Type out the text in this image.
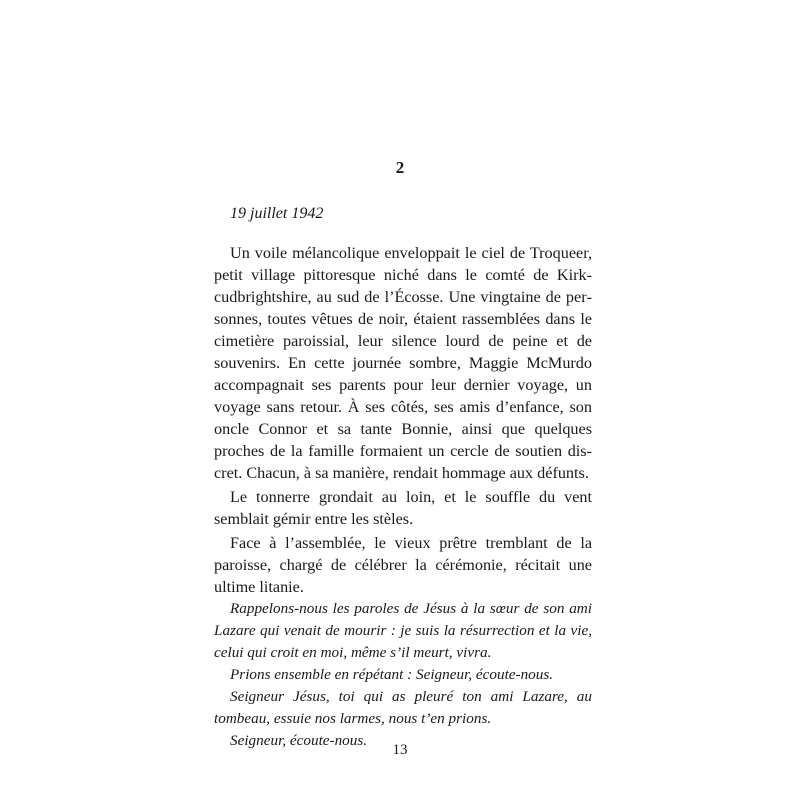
2
19 juillet 1942

Un voile mélancolique enveloppait le ciel de Troqueer, petit village pittoresque niché dans le comté de Kirkcudbrightshire, au sud de l’Écosse. Une vingtaine de personnes, toutes vêtues de noir, étaient rassemblées dans le cimetière paroissial, leur silence lourd de peine et de souvenirs. En cette journée sombre, Maggie McMurdo accompagnait ses parents pour leur dernier voyage, un voyage sans retour. À ses côtés, ses amis d’enfance, son oncle Connor et sa tante Bonnie, ainsi que quelques proches de la famille formaient un cercle de soutien discret. Chacun, à sa manière, rendait hommage aux défunts.

Le tonnerre grondait au loin, et le souffle du vent semblait gémir entre les stèles.

Face à l’assemblée, le vieux prêtre tremblant de la paroisse, chargé de célébrer la cérémonie, récitait une ultime litanie.

Rappelons-nous les paroles de Jésus à la sœur de son ami Lazare qui venait de mourir : je suis la résurrection et la vie, celui qui croit en moi, même s’il meurt, vivra.

Prions ensemble en répétant : Seigneur, écoute-nous.

Seigneur Jésus, toi qui as pleuré ton ami Lazare, au tombeau, essuie nos larmes, nous t’en prions.

Seigneur, écoute-nous.

13
